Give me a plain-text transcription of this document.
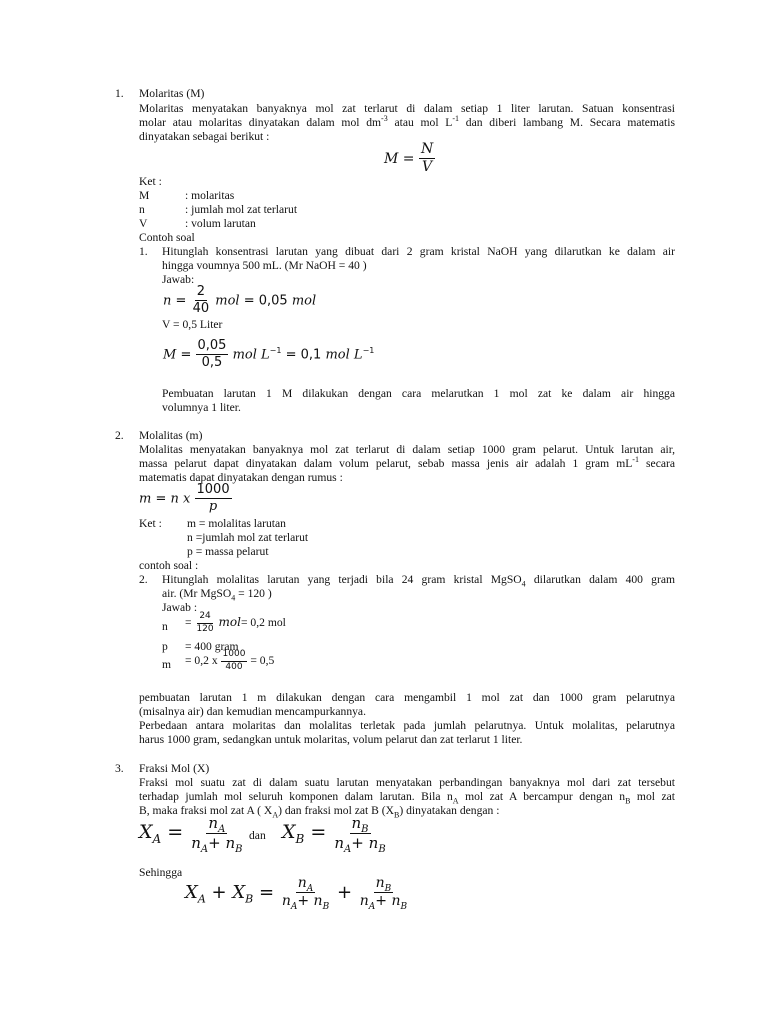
1. Molaritas (M)
Molaritas menyatakan banyaknya mol zat terlarut di dalam setiap 1 liter larutan. Satuan konsentrasi
molar atau molaritas dinyatakan dalam mol $dm^{-3}$ atau mol $L^{-1}$ dan diberi lambang M. Secara matematis
dinyatakan sebagai berikut :
$M = \frac{N}{V}$
Ket :
M	: molaritas
n	: jumlah mol zat terlarut
V	: volum larutan
Contoh soal
1. Hitunglah konsentrasi larutan yang dibuat dari 2 gram kristal NaOH yang dilarutkan ke dalam air
hingga voumnya 500 mL. (Mr NaOH = 40 )
Jawab:
$n = \frac{2}{40}$ mol = 0,05 mol
V = 0,5 Liter
$M = \frac{0,05}{0,5}$ mol $L^{-1} = 0,1$ mol $L^{-1}$
Pembuatan larutan 1 M dilakukan dengan cara melarutkan 1 mol zat ke dalam air hingga
volumnya 1 liter.
2. Molalitas (m)
Molalitas menyatakan banyaknya mol zat terlarut di dalam setiap 1000 gram pelarut. Untuk larutan air,
massa pelarut dapat dinyatakan dalam volum pelarut, sebab massa jenis air adalah 1 gram $mL^{-1}$ secara
matematis dapat dinyatakan dengan rumus :
m = n x $\frac{1000}{p}$
Ket : m = molalitas larutan
n =jumlah mol zat terlarut
p = massa pelarut
contoh soal :
2. Hitunglah molalitas larutan yang terjadi bila 24 gram kristal MgSO$_4$ dilarutkan dalam 400 gram
air. (Mr MgSO$_4$ = 120 )
Jawab :
$n = \frac{24}{120} mol= 0,2$ mol
p = 400 gram
m = 0,2 x $\frac{1000}{400} = 0,5$
pembuatan larutan 1 m dilakukan dengan cara mengambil 1 mol zat dan 1000 gram pelarutnya
(misalnya air) dan kemudian mencampurkannya.
Perbedaan antara molaritas dan molalitas terletak pada jumlah pelarutnya. Untuk molalitas, pelarutnya
harus 1000 gram, sedangkan untuk molaritas, volum pelarut dan zat terlarut 1 liter.
3. Fraksi Mol (X)
Fraksi mol suatu zat di dalam suatu larutan menyatakan perbandingan banyaknya mol dari zat tersebut
terhadap jumlah mol seluruh komponen dalam larutan. Bila $n_A$ mol zat A bercampur dengan $n_B$ mol zat
B, maka fraksi mol zat A ( $X_A$) dan fraksi mol zat B $(X_B)$ dinyatakan dengan :
$X_A = \frac{n_A}{n_A+ n_B}$ dan $X_B = \frac{n_B}{n_A+ n_B}$
Sehingga
$X_A + X_B = \frac{n_A}{n_A+ n_B} + \frac{n_B}{n_A+ n_B}$
